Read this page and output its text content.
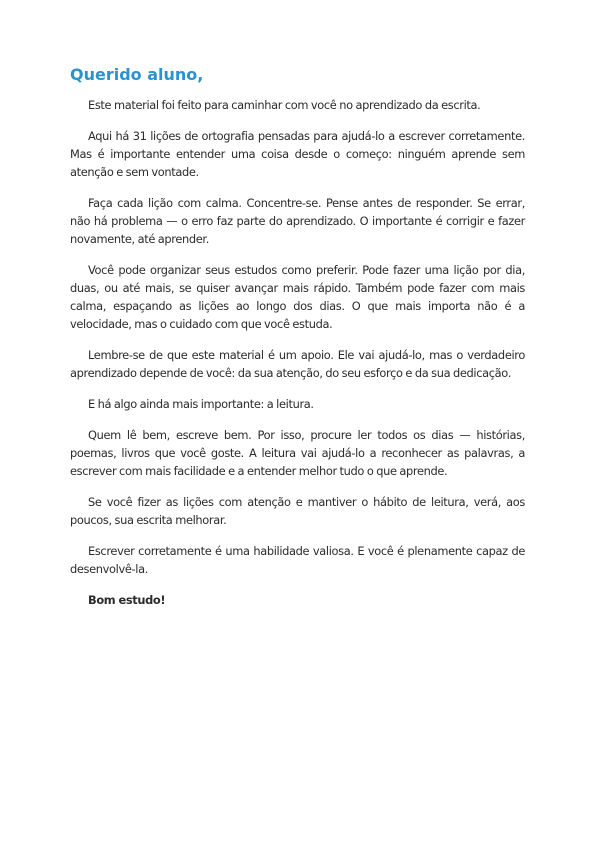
Querido aluno,

Este material foi feito para caminhar com você no aprendizado da escrita.

Aqui há 31 lições de ortografia pensadas para ajudá-lo a escrever corretamente. Mas é importante entender uma coisa desde o começo: ninguém aprende sem atenção e sem vontade.

Faça cada lição com calma. Concentre-se. Pense antes de responder. Se errar, não há problema — o erro faz parte do aprendizado. O importante é corrigir e fazer novamente, até aprender.

Você pode organizar seus estudos como preferir. Pode fazer uma lição por dia, duas, ou até mais, se quiser avançar mais rápido. Também pode fazer com mais calma, espaçando as lições ao longo dos dias. O que mais importa não é a velocidade, mas o cuidado com que você estuda.

Lembre-se de que este material é um apoio. Ele vai ajudá-lo, mas o verdadeiro aprendizado depende de você: da sua atenção, do seu esforço e da sua dedicação.

E há algo ainda mais importante: a leitura.

Quem lê bem, escreve bem. Por isso, procure ler todos os dias — histórias, poemas, livros que você goste. A leitura vai ajudá-lo a reconhecer as palavras, a escrever com mais facilidade e a entender melhor tudo o que aprende.

Se você fizer as lições com atenção e mantiver o hábito de leitura, verá, aos poucos, sua escrita melhorar.

Escrever corretamente é uma habilidade valiosa. E você é plenamente capaz de desenvolvê-la.

Bom estudo!
